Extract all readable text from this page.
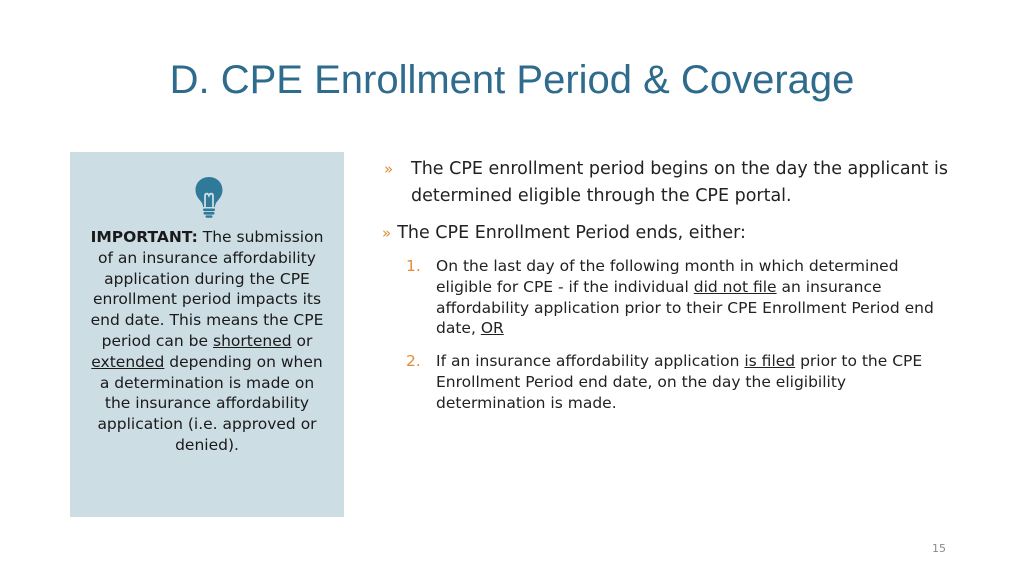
D. CPE Enrollment Period & Coverage
IMPORTANT: The submission of an insurance affordability application during the CPE enrollment period impacts its end date. This means the CPE period can be shortened or extended depending on when a determination is made on the insurance affordability application (i.e. approved or denied).
» The CPE enrollment period begins on the day the applicant is determined eligible through the CPE portal.
» The CPE Enrollment Period ends, either:
1. On the last day of the following month in which determined eligible for CPE - if the individual did not file an insurance affordability application prior to their CPE Enrollment Period end date, OR
2. If an insurance affordability application is filed prior to the CPE Enrollment Period end date, on the day the eligibility determination is made.
15
